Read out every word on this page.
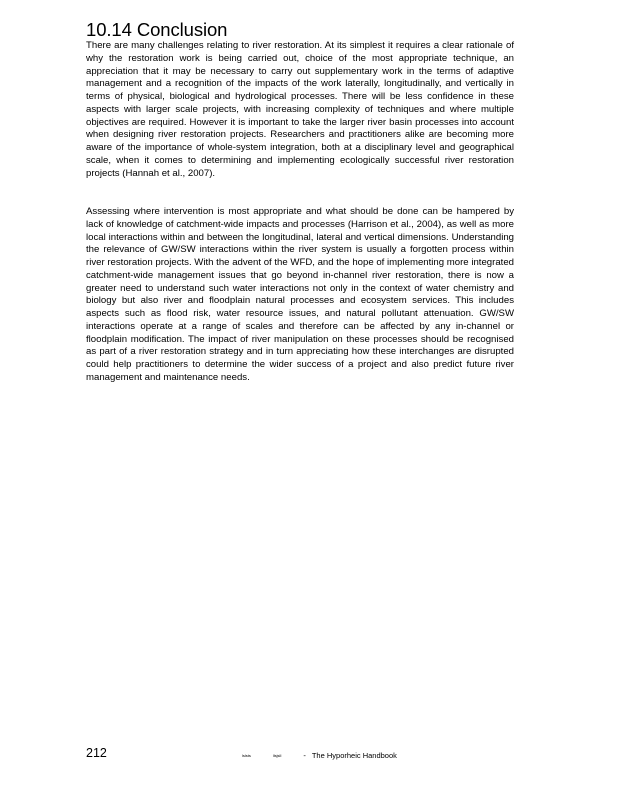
10.14 Conclusion

There are many challenges relating to river restoration. At its simplest it requires a clear rationale of why the restoration work is being carried out, choice of the most appropriate technique, an appreciation that it may be necessary to carry out supplementary work in the terms of adaptive management and a recognition of the impacts of the work laterally, longitudinally, and vertically in terms of physical, biological and hydrological processes. There will be less confidence in these aspects with larger scale projects, with increasing complexity of techniques and where multiple objectives are required. However it is important to take the larger river basin processes into account when designing river restoration projects. Researchers and practitioners alike are becoming more aware of the importance of whole-system integration, both at a disciplinary level and geographical scale, when it comes to determining and implementing ecologically successful river restoration projects (Hannah et al., 2007).

Assessing where intervention is most appropriate and what should be done can be hampered by lack of knowledge of catchment-wide impacts and processes (Harrison et al., 2004), as well as more local interactions within and between the longitudinal, lateral and vertical dimensions. Understanding the relevance of GW/SW interactions within the river system is usually a forgotten process within river restoration projects. With the advent of the WFD, and the hope of implementing more integrated catchment-wide management issues that go beyond in-channel river restoration, there is now a greater need to understand such water interactions not only in the context of water chemistry and biology but also river and floodplain natural processes and ecosystem services. This includes aspects such as flood risk, water resource issues, and natural pollutant attenuation. GW/SW interactions operate at a range of scales and therefore can be affected by any in-channel or floodplain modification. The impact of river manipulation on these processes should be recognised as part of a river restoration strategy and in turn appreciating how these interchanges are disrupted could help practitioners to determine the wider success of a project and also predict future river management and maintenance needs.

212	lslsts	llsjsll	- The Hyporheic Handbook
